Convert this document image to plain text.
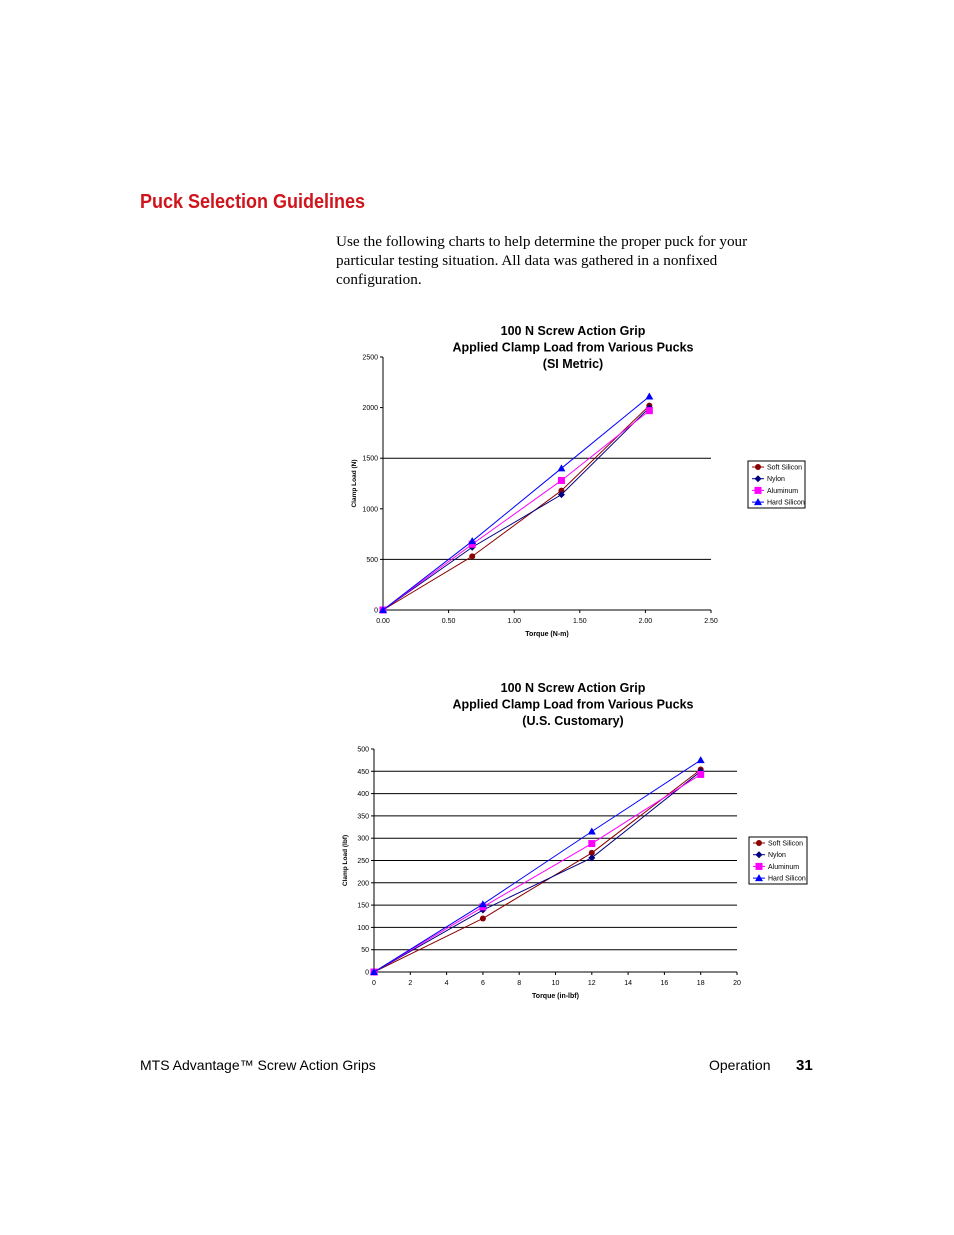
Puck Selection Guidelines

Use the following charts to help determine the proper puck for your particular testing situation. All data was gathered in a nonfixed configuration.

100 N Screw Action Grip
Applied Clamp Load from Various Pucks
(SI Metric)
0
500
1000
1500
2000
2500
0.00	0.50	1.00	1.50	2.00	2.50
Torque (N-m)
Clamp Load (N)	Soft Silicon
Nylon
Aluminum
Hard Silicon
100 N Screw Action Grip
Applied Clamp Load from Various Pucks
(U.S. Customary)
0
50
100
150
200
250
300
350
400
450
500
0	2	4	6	8	10	12	14	16	18	20
Torque (in-lbf)
Clamp Load (lbf)	Soft Silicon
Nylon
Aluminum
Hard Silicon
MTS Advantage™ Screw Action Grips	Operation 31
